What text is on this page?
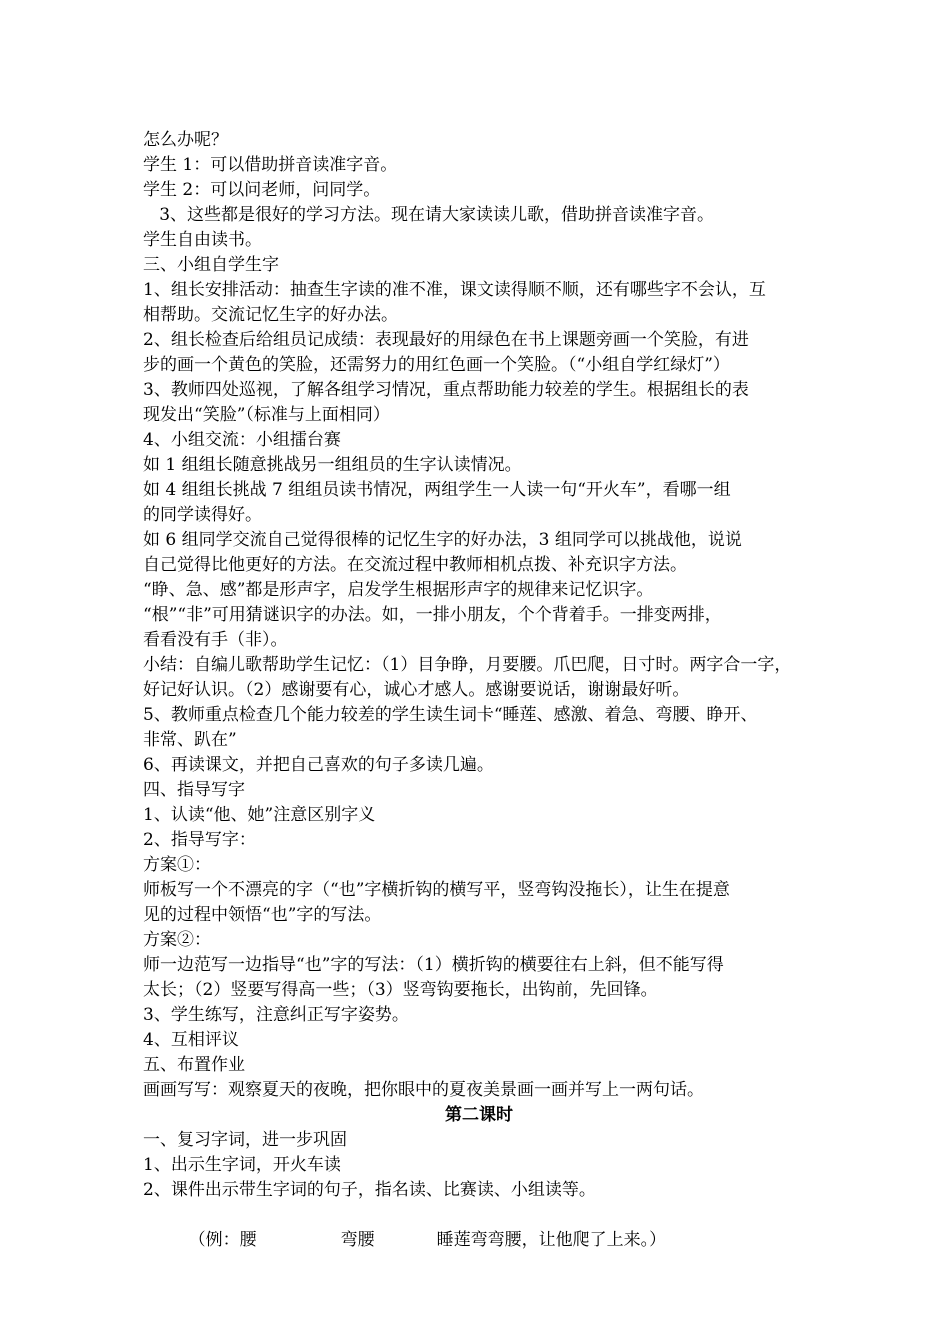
怎么办呢？
学生 1：可以借助拼音读准字音。
学生 2：可以问老师，问同学。
3、这些都是很好的学习方法。现在请大家读读儿歌，借助拼音读准字音。
学生自由读书。
三、小组自学生字
1、组长安排活动：抽查生字读的准不准，课文读得顺不顺，还有哪些字不会认，互
相帮助。交流记忆生字的好办法。
2、组长检查后给组员记成绩：表现最好的用绿色在书上课题旁画一个笑脸，有进
步的画一个黄色的笑脸，还需努力的用红色画一个笑脸。（“小组自学红绿灯”）
3、教师四处巡视，了解各组学习情况，重点帮助能力较差的学生。根据组长的表
现发出“笑脸”（标准与上面相同）
4、小组交流：小组擂台赛
如 1 组组长随意挑战另一组组员的生字认读情况。
如 4 组组长挑战 7 组组员读书情况，两组学生一人读一句“开火车”，看哪一组
的同学读得好。
如 6 组同学交流自己觉得很棒的记忆生字的好办法，3 组同学可以挑战他，说说
自己觉得比他更好的方法。在交流过程中教师相机点拨、补充识字方法。
“睁、急、感”都是形声字，启发学生根据形声字的规律来记忆识字。
“根”“非”可用猜谜识字的办法。如，一排小朋友，个个背着手。一排变两排，
看看没有手（非）。
小结：自编儿歌帮助学生记忆：（1）目争睁，月要腰。爪巴爬，日寸时。两字合一字，
好记好认识。（2）感谢要有心，诚心才感人。感谢要说话，谢谢最好听。
5、教师重点检查几个能力较差的学生读生词卡“睡莲、感激、着急、弯腰、睁开、
非常、趴在”
6、再读课文，并把自己喜欢的句子多读几遍。
四、指导写字
1、认读“他、她”注意区别字义
2、指导写字：
方案①：
师板写一个不漂亮的字（“也”字横折钩的横写平，竖弯钩没拖长），让生在提意
见的过程中领悟“也”字的写法。
方案②：
师一边范写一边指导“也”字的写法：（1）横折钩的横要往右上斜，但不能写得
太长；（2）竖要写得高一些；（3）竖弯钩要拖长，出钩前，先回锋。
3、学生练写，注意纠正写字姿势。
4、互相评议
五、布置作业
画画写写：观察夏天的夜晚，把你眼中的夏夜美景画一画并写上一两句话。
第二课时
一、复习字词，进一步巩固
1、出示生字词，开火车读
2、课件出示带生字词的句子，指名读、比赛读、小组读等。

（例：腰	弯腰	睡莲弯弯腰，让他爬了上来。）
